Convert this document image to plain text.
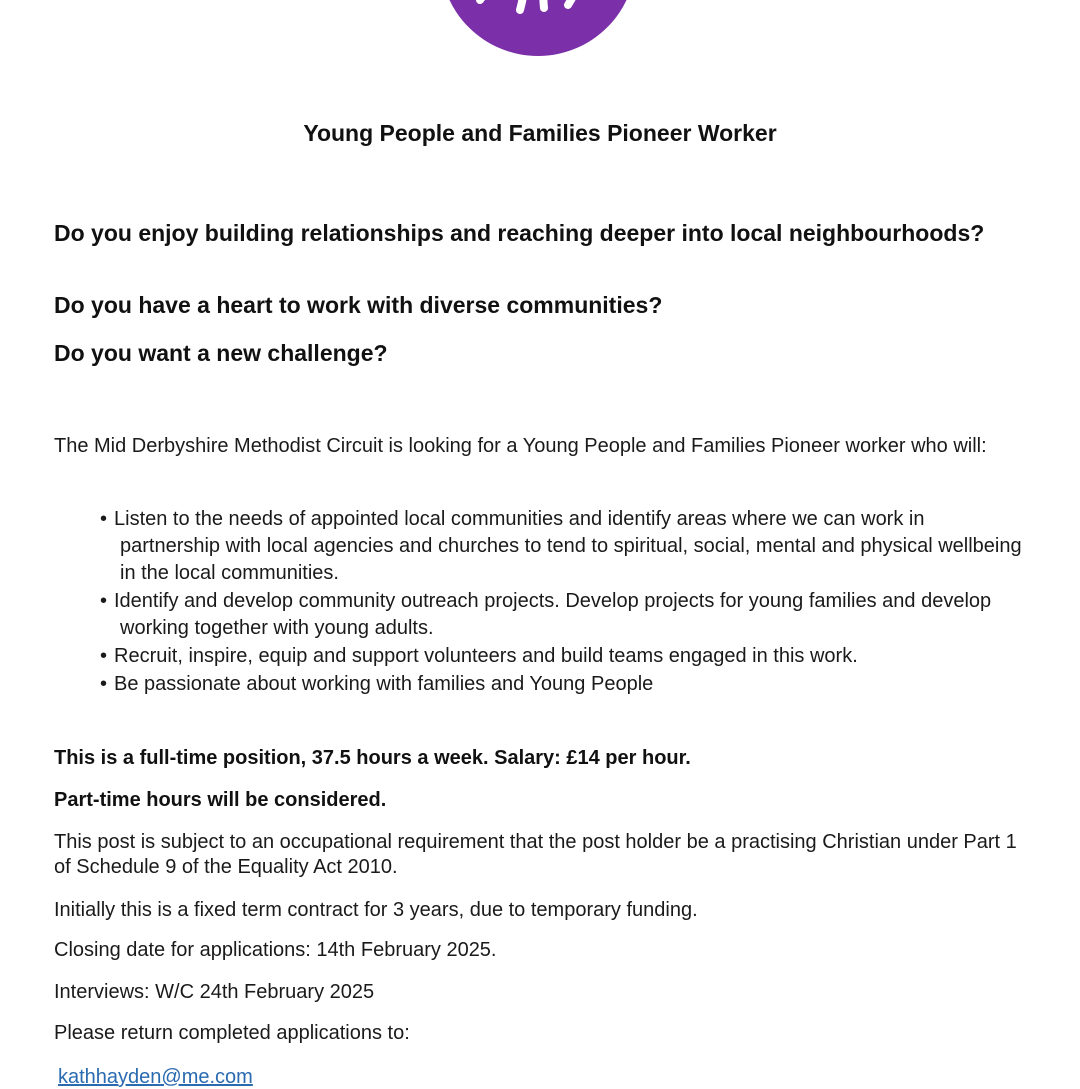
Young People and Families Pioneer Worker
Do you enjoy building relationships and reaching deeper into local neighbourhoods?
Do you have a heart to work with diverse communities?
Do you want a new challenge?
The Mid Derbyshire Methodist Circuit is looking for a Young People and Families Pioneer worker who will:
• Listen to the needs of appointed local communities and identify areas where we can work in partnership with local agencies and churches to tend to spiritual, social, mental and physical wellbeing in the local communities.
• Identify and develop community outreach projects. Develop projects for young families and develop working together with young adults.
• Recruit, inspire, equip and support volunteers and build teams engaged in this work.
• Be passionate about working with families and Young People
This is a full-time position, 37.5 hours a week. Salary: £14 per hour.
Part-time hours will be considered.
This post is subject to an occupational requirement that the post holder be a practising Christian under Part 1 of Schedule 9 of the Equality Act 2010.
Initially this is a fixed term contract for 3 years, due to temporary funding.
Closing date for applications: 14th February 2025.
Interviews: W/C 24th February 2025
Please return completed applications to:
kathhayden@me.com
